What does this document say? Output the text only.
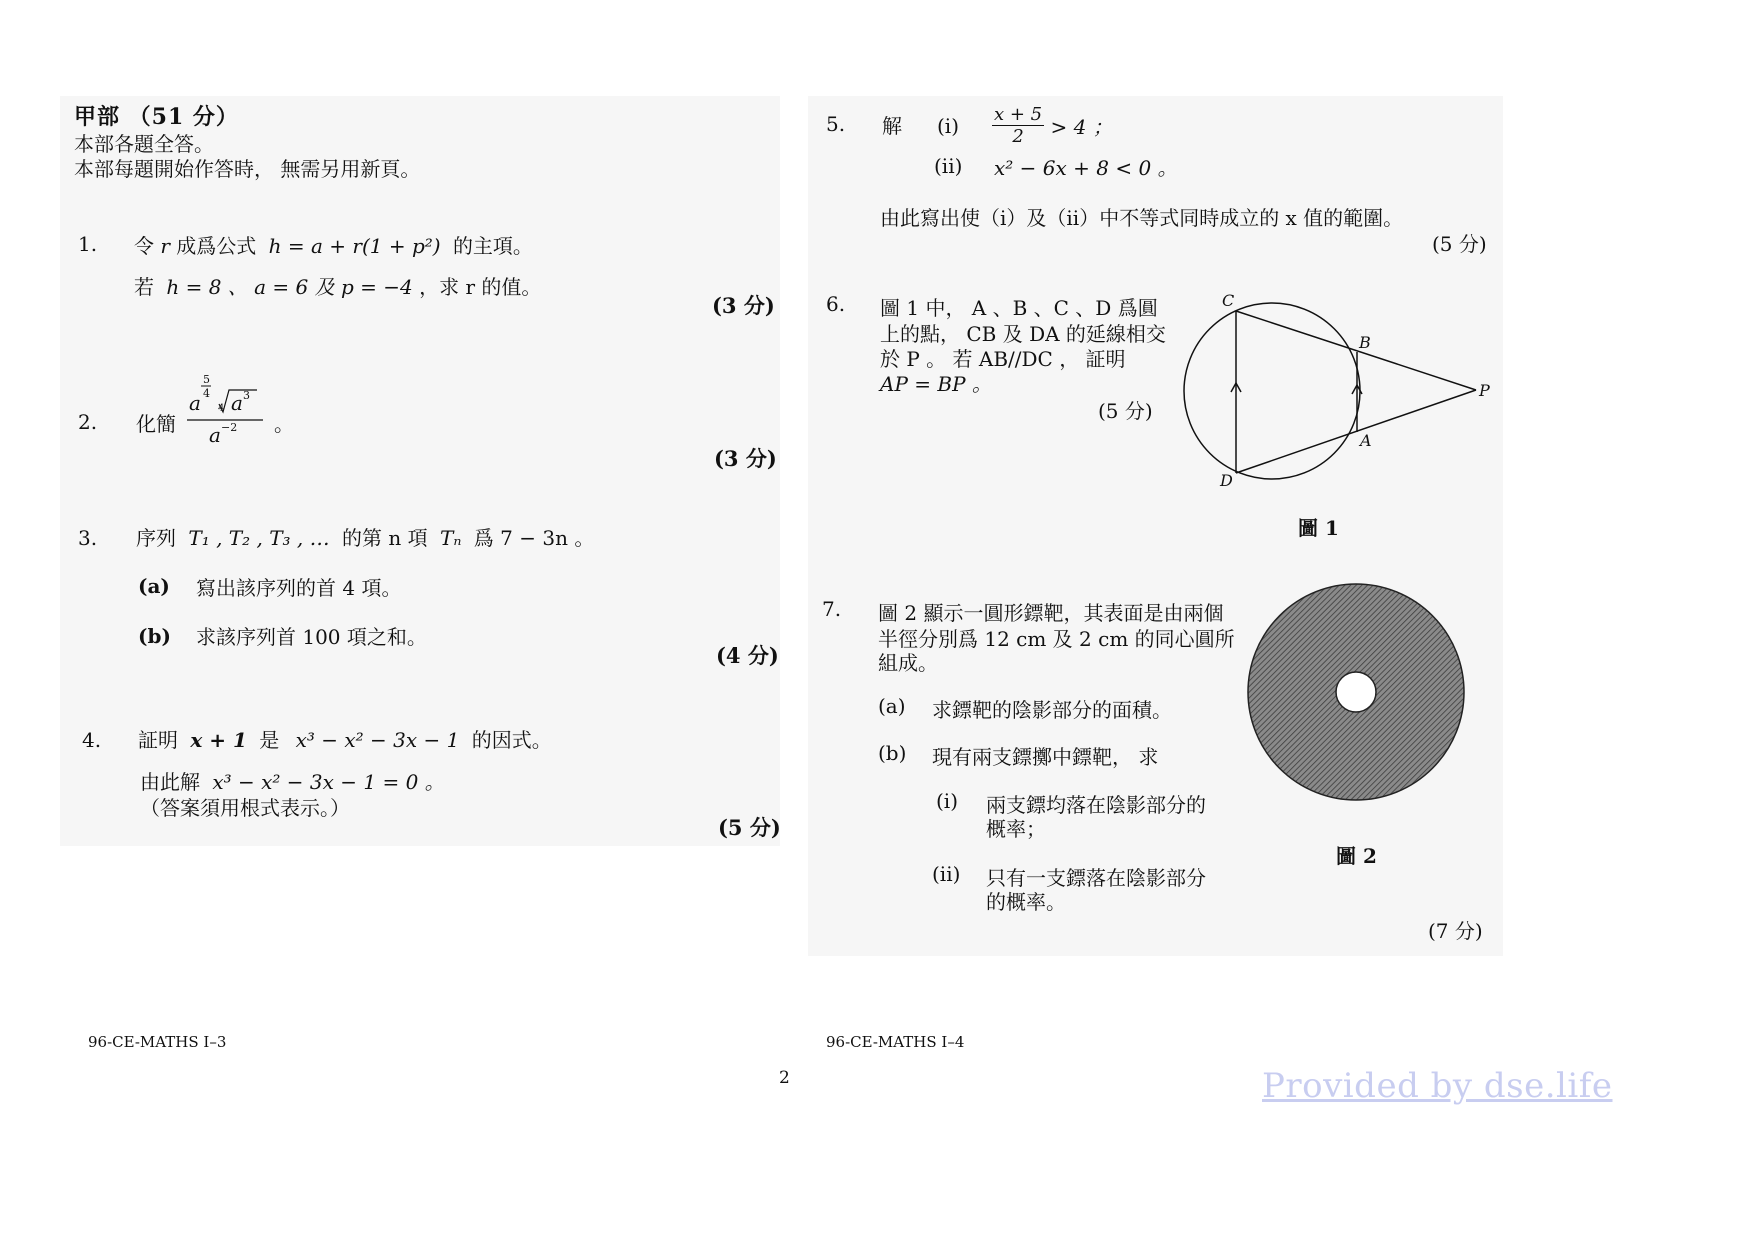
甲部 （51 分）
本部各題全答。
本部每題開始作答時， 無需另用新頁。
1. 令 r 成爲公式 h = a + r(1 + p²) 的主項。
若 h = 8 、 a = 6 及 p = −4 ，求 r 的值。
(3 分)
2. 化簡
a
5
4
4 a 3
a −2 。
(3 分)
3. 序列 T₁ , T₂ , T₃ , … 的第 n 項 Tₙ 爲 7 − 3n 。
(a) 寫出該序列的首 4 項。
(b) 求該序列首 100 項之和。
(4 分)
4. 証明 x + 1 是 x³ − x² − 3x − 1 的因式。
由此解 x³ − x² − 3x − 1 = 0 。
（答案須用根式表示。）
(5 分)
96-CE-MATHS I–3
5. 解 $(i) \frac{x + 5}{2} > 4$ ；
(ii) x² − 6x + 8 < 0 。
由此寫出使（i）及（ii）中不等式同時成立的 x 值的範圍。
(5 分)
6. 圖 1 中， A 、B 、C 、D 爲圓
上的點， CB 及 DA 的延線相交
於 P 。 若 AB//DC ， 証明
AP = BP 。
(5 分)
C
B
P
A
D
圖 1
7. 圖 2 顯示一圓形鏢靶，其表面是由兩個
半徑分別爲 12 cm 及 2 cm 的同心圓所
組成。
(a) 求鏢靶的陰影部分的面積。
(b) 現有兩支鏢擲中鏢靶， 求
(i) 兩支鏢均落在陰影部分的
概率；
(ii) 只有一支鏢落在陰影部分
的概率。
(7 分)
圖 2
96-CE-MATHS I–4
2	Provided by dse.life
